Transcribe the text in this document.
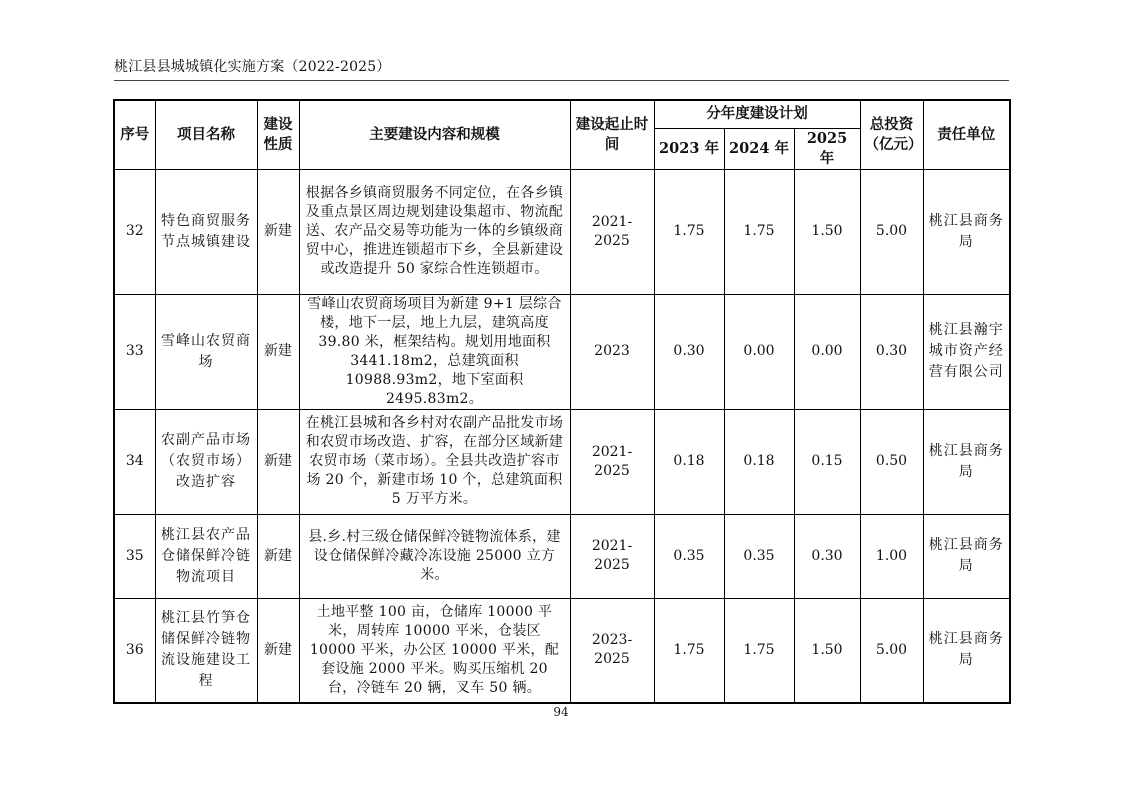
桃江县县城城镇化实施方案（2022-2025）
序号	项目名称	建设性质	主要建设内容和规模	建设起止时间	分年度建设计划			总投资（亿元）	责任单位
					2023 年	2024 年	2025 年		
32	特色商贸服务节点城镇建设	新建	根据各乡镇商贸服务不同定位，在各乡镇及重点景区周边规划建设集超市、物流配送、农产品交易等功能为一体的乡镇级商贸中心，推进连锁超市下乡，全县新建设或改造提升 50 家综合性连锁超市。	2021-2025	1.75	1.75	1.50	5.00	桃江县商务局
33	雪峰山农贸商场	新建	雪峰山农贸商场项目为新建 9+1 层综合楼，地下一层，地上九层，建筑高度 39.80 米，框架结构。规划用地面积 3441.18m2，总建筑面积 10988.93m2，地下室面积 2495.83m2。	2023	0.30	0.00	0.00	0.30	桃江县瀚宇城市资产经营有限公司
34	农副产品市场（农贸市场）改造扩容	新建	在桃江县城和各乡村对农副产品批发市场和农贸市场改造、扩容，在部分区域新建农贸市场（菜市场）。全县共改造扩容市场 20 个，新建市场 10 个，总建筑面积 5 万平方米。	2021-2025	0.18	0.18	0.15	0.50	桃江县商务局
35	桃江县农产品仓储保鲜冷链物流项目	新建	县.乡.村三级仓储保鲜冷链物流体系，建设仓储保鲜冷藏冷冻设施 25000 立方米。	2021-2025	0.35	0.35	0.30	1.00	桃江县商务局
36	桃江县竹笋仓储保鲜冷链物流设施建设工程	新建	土地平整 100 亩，仓储库 10000 平米，周转库 10000 平米，仓装区 10000 平米，办公区 10000 平米，配套设施 2000 平米。购买压缩机 20 台，冷链车 20 辆，叉车 50 辆。	2023-2025	1.75	1.75	1.50	5.00	桃江县商务局
94
